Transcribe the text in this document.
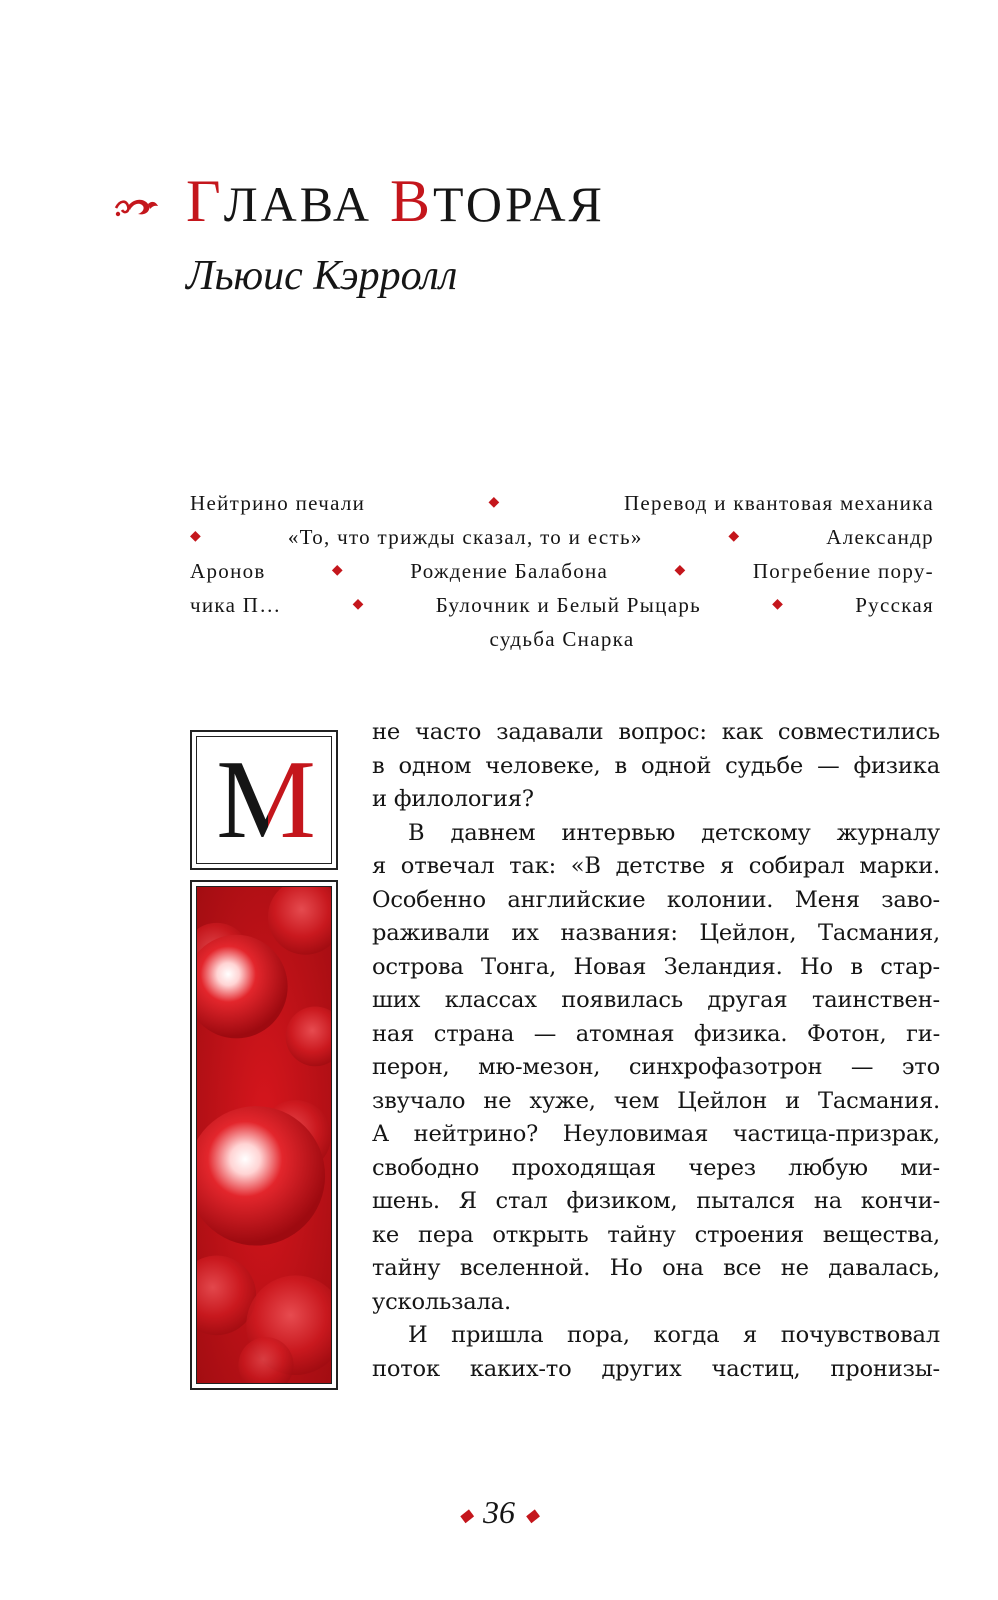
ГЛАВА ВТОРАЯ
Льюис Кэрролл
Нейтрино печали	◆	Перевод и квантовая механика
◆	«То, что трижды сказал, то и есть»	◆	Александр
Аронов	◆	Рождение Балабона	◆	Погребение пору-
чика П…	◆	Булочник и Белый Рыцарь	◆	Русская
судьба Снарка
М
не часто задавали вопрос: как совместились
в одном человеке, в одной судьбе — физика
и филология?
В давнем интервью детскому журналу
я отвечал так: «В детстве я собирал марки.
Особенно английские колонии. Меня заво-
раживали их названия: Цейлон, Тасмания,
острова Тонга, Новая Зеландия. Но в стар-
ших классах появилась другая таинствен-
ная страна — атомная физика. Фотон, ги-
перон, мю-мезон, синхрофазотрон — это
звучало не хуже, чем Цейлон и Тасмания.
А нейтрино? Неуловимая частица-призрак,
свободно проходящая через любую ми-
шень. Я стал физиком, пытался на кончи-
ке пера открыть тайну строения вещества,
тайну вселенной. Но она все не давалась,
ускользала.
И пришла пора, когда я почувствовал
поток каких-то других частиц, пронизы-
◆ 36 ◆
